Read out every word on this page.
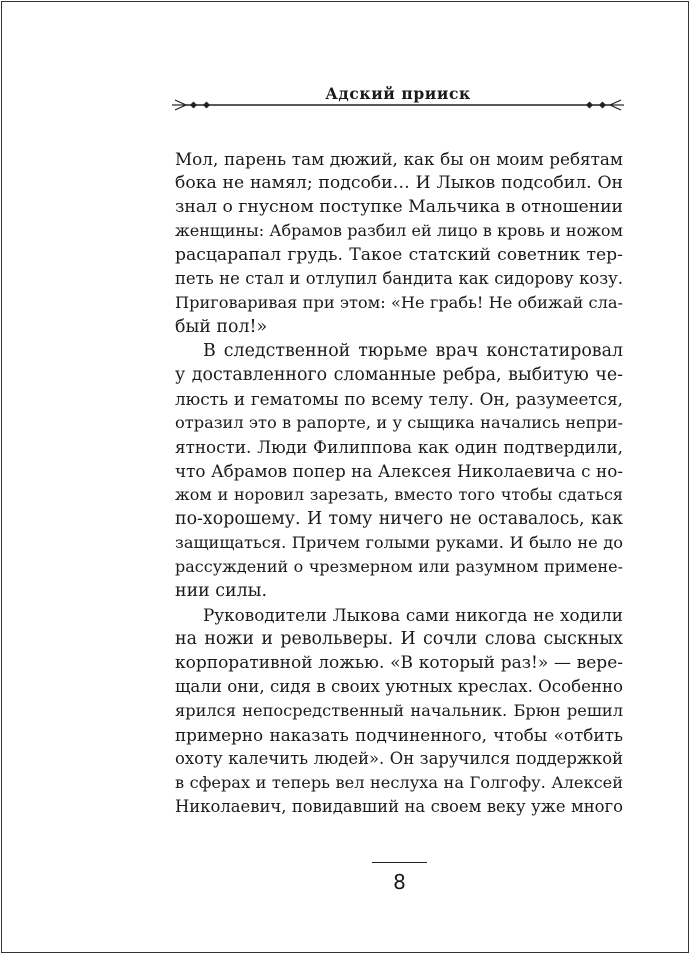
Адский прииск

Мол, парень там дюжий, как бы он моим ребятам
бока не намял; подсоби… И Лыков подсобил. Он
знал о гнусном поступке Мальчика в отношении
женщины: Абрамов разбил ей лицо в кровь и ножом
расцарапал грудь. Такое статский советник тер-
петь не стал и отлупил бандита как сидорову козу.
Приговаривая при этом: «Не грабь! Не обижай сла-
бый пол!»

В следственной тюрьме врач констатировал
у доставленного сломанные ребра, выбитую че-
люсть и гематомы по всему телу. Он, разумеется,
отразил это в рапорте, и у сыщика начались непри-
ятности. Люди Филиппова как один подтвердили,
что Абрамов попер на Алексея Николаевича с но-
жом и норовил зарезать, вместо того чтобы сдаться
по-хорошему. И тому ничего не оставалось, как
защищаться. Причем голыми руками. И было не до
рассуждений о чрезмерном или разумном примене-
нии силы.

Руководители Лыкова сами никогда не ходили
на ножи и револьверы. И сочли слова сыскных
корпоративной ложью. «В который раз!» — вере-
щали они, сидя в своих уютных креслах. Особенно
ярился непосредственный начальник. Брюн решил
примерно наказать подчиненного, чтобы «отбить
охоту калечить людей». Он заручился поддержкой
в сферах и теперь вел неслуха на Голгофу. Алексей
Николаевич, повидавший на своем веку уже много

8
